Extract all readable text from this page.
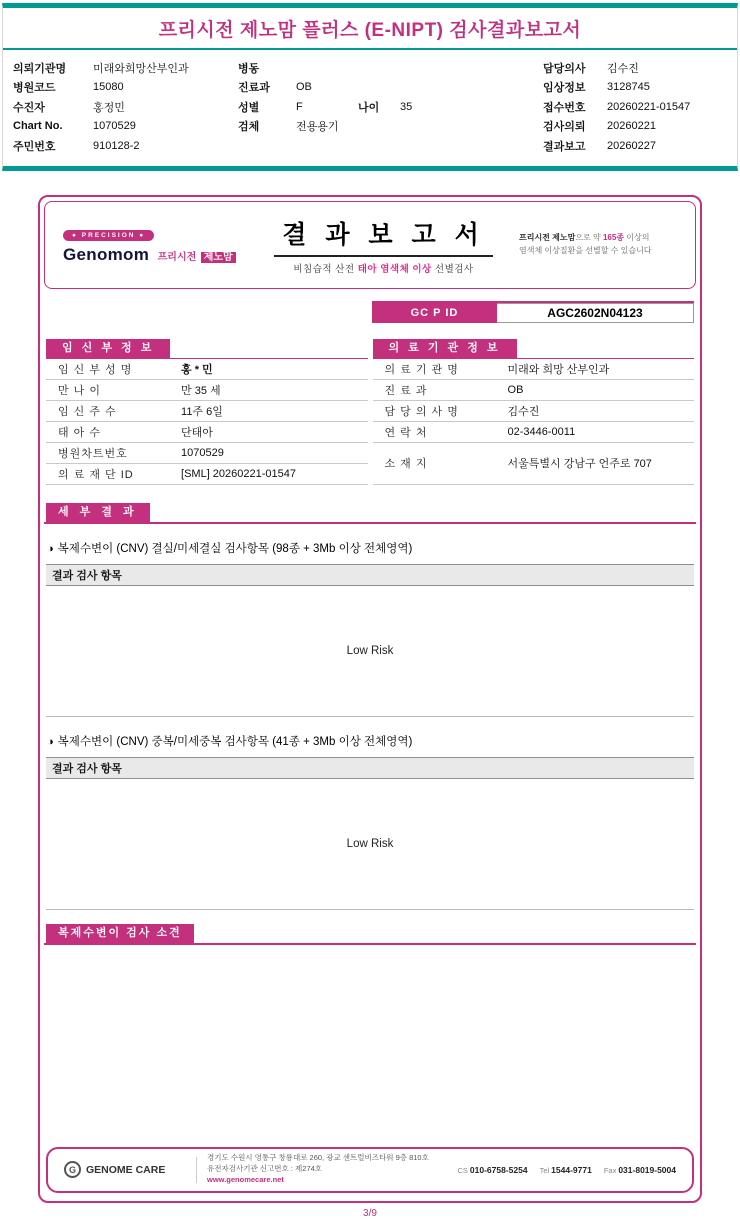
프리시전 제노맘 플러스 (E-NIPT) 검사결과보고서
의뢰기관명	미래와희망산부인과
병원코드	15080
수진자	홍정민
Chart No.	1070529
주민번호	910128-2
병동
진료과	OB
성별	F	나이	35
검체	전용용기
담당의사	김수진
임상정보	3128745
접수번호	20260221-01547
검사의뢰	20260221
결과보고	20260227
● PRECISION ●
Genomom 프리시전 제노맘
결 과 보 고 서
비침습적 산전 태아 염색체 이상 선별검사
프리시전 제노맘으로 약 165종 이상의
염색체 이상질환을 선별할 수 있습니다
GC P ID	AGC2602N04123
임 신 부 정 보
임 신 부 성 명	홍 * 민
만 나 이	만 35 세
임 신 주 수	11주 6일
태 아 수	단태아
병원차트번호	1070529
의 료 재 단 ID	[SML] 20260221-01547
의 료 기 관 정 보
의 료 기 관 명	미래와 희망 산부인과
진 료 과	OB
담 당 의 사 명	김수진
연 락 처	02-3446-0011
소 재 지	서울특별시 강남구 언주로 707
세 부 결 과
◑ 복제수변이 (CNV) 결실/미세결실 검사항목 (98종 + 3Mb 이상 전체영역)
결과 검사 항목
Low Risk
◑ 복제수변이 (CNV) 중복/미세중복 검사항목 (41종 + 3Mb 이상 전체영역)
결과 검사 항목
Low Risk
복제수변이 검사 소견
G GENOME CARE
경기도 수원시 영통구 창룡대로 260, 광교 센트럴비즈타워 9층 810호
유전자검사기관 신고번호 : 제274호
www.genomecare.net
CS 010-6758-5254 Tel 1544-9771 Fax 031-8019-5004
3/9
